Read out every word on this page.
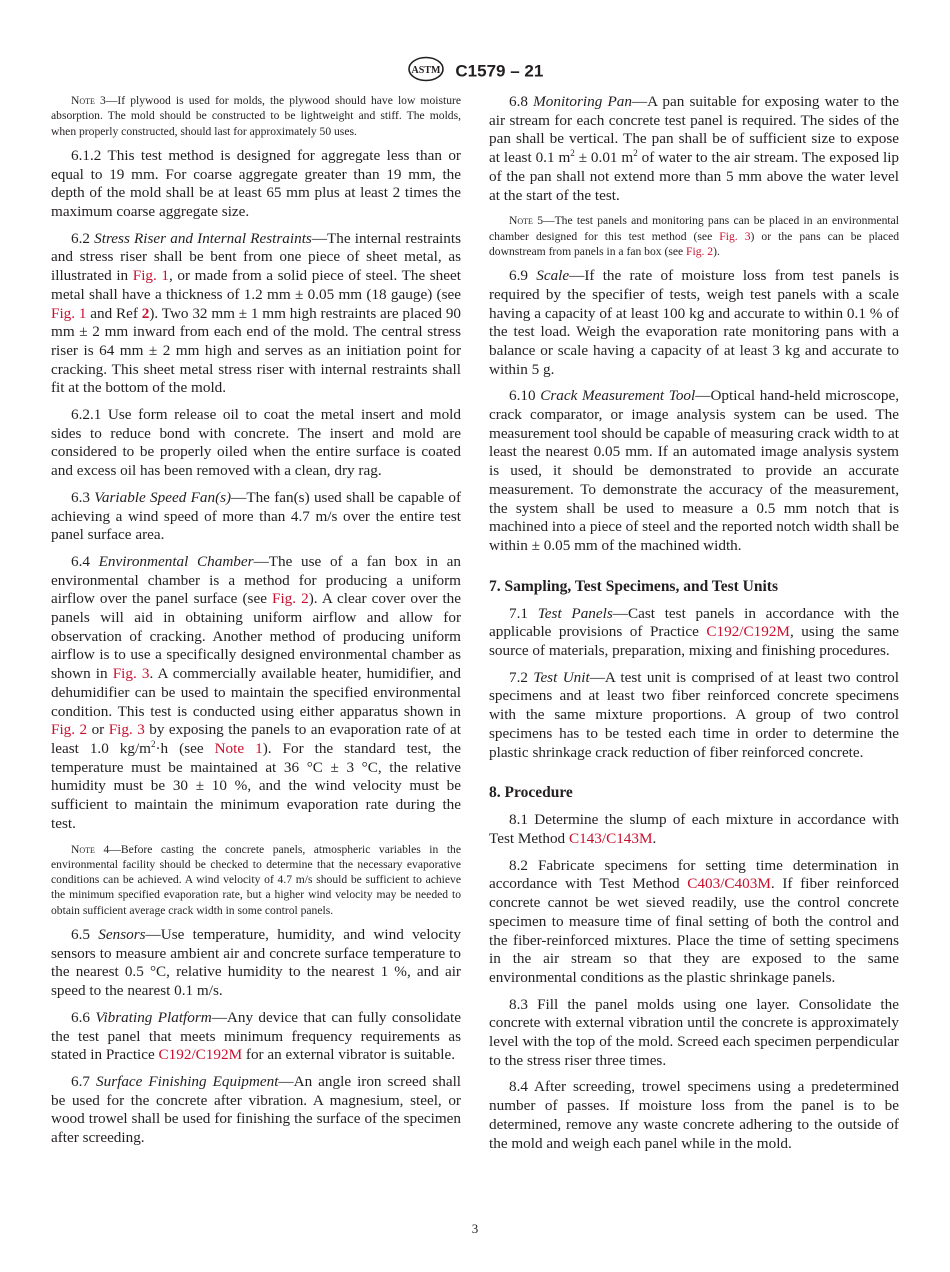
ASTM C1579 – 21

Note 3—If plywood is used for molds, the plywood should have low moisture absorption. The mold should be constructed to be lightweight and stiff. The molds, when properly constructed, should last for approximately 50 uses.

6.1.2 This test method is designed for aggregate less than or equal to 19 mm. For coarse aggregate greater than 19 mm, the depth of the mold shall be at least 65 mm plus at least 2 times the maximum coarse aggregate size.

6.2 Stress Riser and Internal Restraints—The internal restraints and stress riser shall be bent from one piece of sheet metal, as illustrated in Fig. 1, or made from a solid piece of steel. The sheet metal shall have a thickness of 1.2 mm ± 0.05 mm (18 gauge) (see Fig. 1 and Ref 2). Two 32 mm ± 1 mm high restraints are placed 90 mm ± 2 mm inward from each end of the mold. The central stress riser is 64 mm ± 2 mm high and serves as an initiation point for cracking. This sheet metal stress riser with internal restraints shall fit at the bottom of the mold.

6.2.1 Use form release oil to coat the metal insert and mold sides to reduce bond with concrete. The insert and mold are considered to be properly oiled when the entire surface is coated and excess oil has been removed with a clean, dry rag.

6.3 Variable Speed Fan(s)—The fan(s) used shall be capable of achieving a wind speed of more than 4.7 m/s over the entire test panel surface area.

6.4 Environmental Chamber—The use of a fan box in an environmental chamber is a method for producing a uniform airflow over the panel surface (see Fig. 2). A clear cover over the panels will aid in obtaining uniform airflow and allow for observation of cracking. Another method of producing uniform airflow is to use a specifically designed environmental chamber as shown in Fig. 3. A commercially available heater, humidifier, and dehumidifier can be used to maintain the specified environmental condition. This test is conducted using either apparatus shown in Fig. 2 or Fig. 3 by exposing the panels to an evaporation rate of at least 1.0 $kg/m^2\cdot h$ (see Note 1). For the standard test, the temperature must be maintained at 36 °C ± 3 °C, the relative humidity must be 30 ± 10 %, and the wind velocity must be sufficient to maintain the minimum evaporation rate during the test.

Note 4—Before casting the concrete panels, atmospheric variables in the environmental facility should be checked to determine that the necessary evaporative conditions can be achieved. A wind velocity of 4.7 m/s should be sufficient to achieve the minimum specified evaporation rate, but a higher wind velocity may be needed to obtain sufficient average crack width in some control panels.

6.5 Sensors—Use temperature, humidity, and wind velocity sensors to measure ambient air and concrete surface temperature to the nearest 0.5 °C, relative humidity to the nearest 1 %, and air speed to the nearest 0.1 m/s.

6.6 Vibrating Platform—Any device that can fully consolidate the test panel that meets minimum frequency requirements as stated in Practice C192/C192M for an external vibrator is suitable.

6.7 Surface Finishing Equipment—An angle iron screed shall be used for the concrete after vibration. A magnesium, steel, or wood trowel shall be used for finishing the surface of the specimen after screeding.

6.8 Monitoring Pan—A pan suitable for exposing water to the air stream for each concrete test panel is required. The sides of the pan shall be vertical. The pan shall be of sufficient size to expose at least 0.1 $m^2 \pm 0.01$ $m^2$ of water to the air stream. The exposed lip of the pan shall not extend more than 5 mm above the water level at the start of the test.

Note 5—The test panels and monitoring pans can be placed in an environmental chamber designed for this test method (see Fig. 3) or the pans can be placed downstream from panels in a fan box (see Fig. 2).

6.9 Scale—If the rate of moisture loss from test panels is required by the specifier of tests, weigh test panels with a scale having a capacity of at least 100 kg and accurate to within 0.1 % of the test load. Weigh the evaporation rate monitoring pans with a balance or scale having a capacity of at least 3 kg and accurate to within 5 g.

6.10 Crack Measurement Tool—Optical hand-held microscope, crack comparator, or image analysis system can be used. The measurement tool should be capable of measuring crack width to at least the nearest 0.05 mm. If an automated image analysis system is used, it should be demonstrated to provide an accurate measurement. To demonstrate the accuracy of the measurement, the system shall be used to measure a 0.5 mm notch that is machined into a piece of steel and the reported notch width shall be within ± 0.05 mm of the machined width.

7. Sampling, Test Specimens, and Test Units

7.1 Test Panels—Cast test panels in accordance with the applicable provisions of Practice C192/C192M, using the same source of materials, preparation, mixing and finishing procedures.

7.2 Test Unit—A test unit is comprised of at least two control specimens and at least two fiber reinforced concrete specimens with the same mixture proportions. A group of two control specimens has to be tested each time in order to determine the plastic shrinkage crack reduction of fiber reinforced concrete.

8. Procedure

8.1 Determine the slump of each mixture in accordance with Test Method C143/C143M.

8.2 Fabricate specimens for setting time determination in accordance with Test Method C403/C403M. If fiber reinforced concrete cannot be wet sieved readily, use the control concrete specimen to measure time of final setting of both the control and the fiber-reinforced mixtures. Place the time of setting specimens in the air stream so that they are exposed to the same environmental conditions as the plastic shrinkage panels.

8.3 Fill the panel molds using one layer. Consolidate the concrete with external vibration until the concrete is approximately level with the top of the mold. Screed each specimen perpendicular to the stress riser three times.

8.4 After screeding, trowel specimens using a predetermined number of passes. If moisture loss from the panel is to be determined, remove any waste concrete adhering to the outside of the mold and weigh each panel while in the mold.

3
